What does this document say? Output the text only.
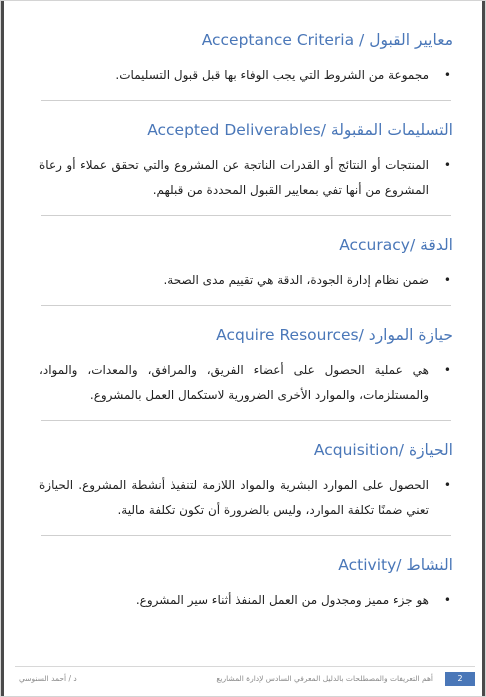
معايير القبول / Acceptance Criteria
•
مجموعة من الشروط التي يجب الوفاء بها قبل قبول التسليمات.
التسليمات المقبولة /Accepted Deliverables
•
المنتجات أو النتائج أو القدرات الناتجة عن المشروع والتي تحقق عملاء أو رعاة المشروع من أنها تفي بمعايير القبول المحددة من قبلهم.
الدقة /Accuracy
•
ضمن نظام إدارة الجودة، الدقة هي تقييم مدى الصحة.
حيازة الموارد /Acquire Resources
•
هي عملية الحصول على أعضاء الفريق، والمرافق، والمعدات، والمواد، والمستلزمات، والموارد الأخرى الضرورية لاستكمال العمل بالمشروع.
الحيازة /Acquisition
•
الحصول على الموارد البشرية والمواد اللازمة لتنفيذ أنشطة المشروع. الحيازة تعني ضمنًا تكلفة الموارد، وليس بالضرورة أن تكون تكلفة مالية.
النشاط /Activity
•
هو جزء مميز ومجدول من العمل المنفذ أثناء سير المشروع.
2
أهم التعريفات والمصطلحات بالدليل المعرفي السادس لإدارة المشاريع
د / أحمد السنوسي
